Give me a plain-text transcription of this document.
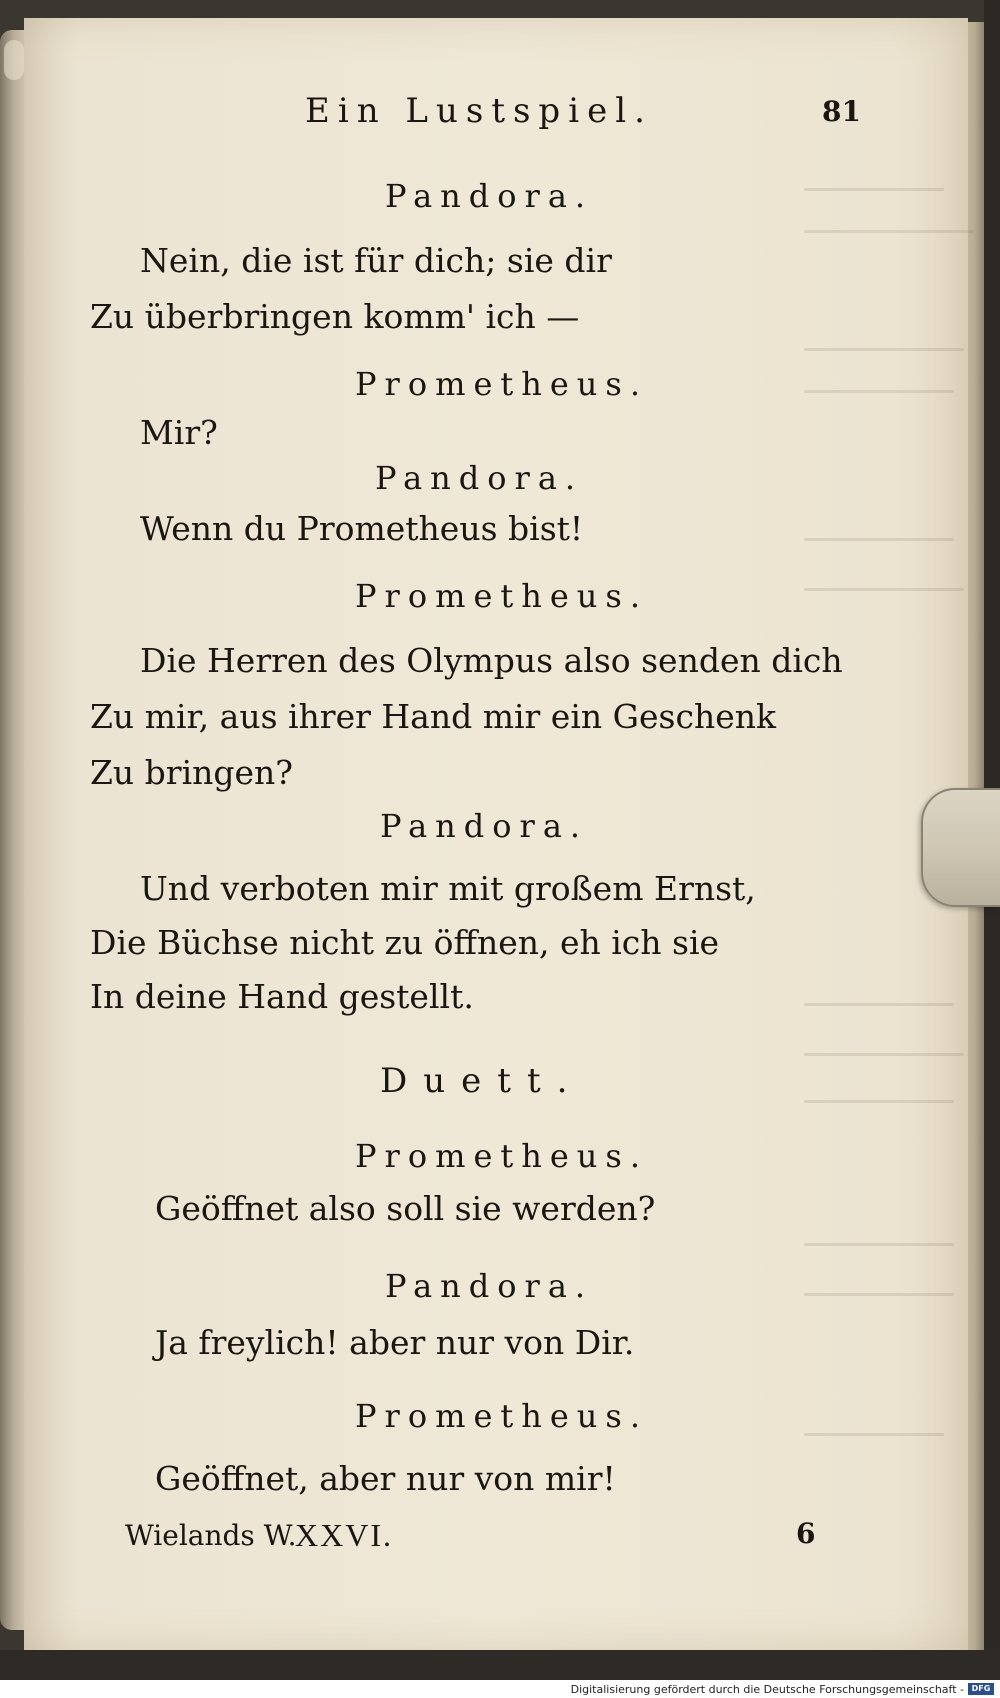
Ein Lustspiel.	81
Pandora.
Nein, die ist für dich; sie dir
Zu überbringen komm' ich —
Prometheus.
Mir?
Pandora.
Wenn du Prometheus bist!
Prometheus.
Die Herren des Olympus also senden dich
Zu mir, aus ihrer Hand mir ein Geschenk
Zu bringen?
Pandora.
Und verboten mir mit großem Ernst,
Die Büchse nicht zu öffnen, eh ich sie
In deine Hand gestellt.
Duett.
Prometheus.
Geöffnet also soll sie werden?
Pandora.
Ja freylich! aber nur von Dir.
Prometheus.
Geöffnet, aber nur von mir!
Wielands W.
XXVI.	6
Digitalisierung gefördert durch die Deutsche Forschungsgemeinschaft - DFG
